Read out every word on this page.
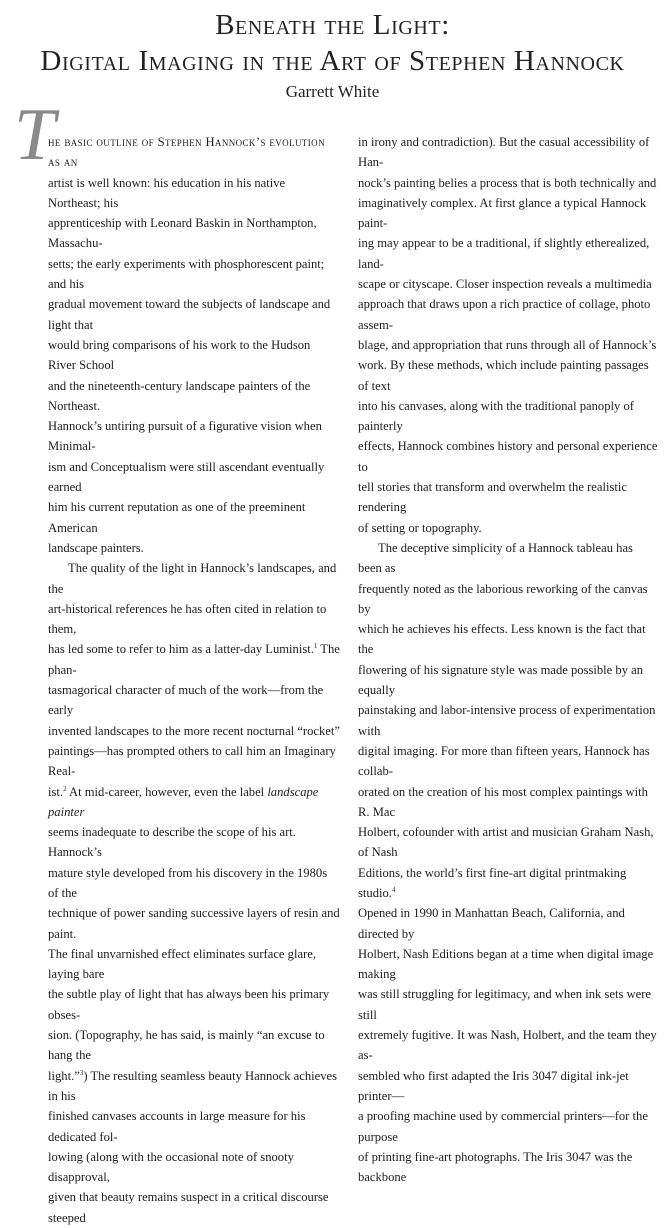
Beneath the Light:
Digital Imaging in the Art of Stephen Hannock
Garrett White
T

he basic outline of Stephen Hannock’s evolution as an
artist is well known: his education in his native Northeast; his
apprenticeship with Leonard Baskin in Northampton, Massachu-
setts; the early experiments with phosphorescent paint; and his
gradual movement toward the subjects of landscape and light that
would bring comparisons of his work to the Hudson River School
and the nineteenth-century landscape painters of the Northeast.
Hannock’s untiring pursuit of a figurative vision when Minimal-
ism and Conceptualism were still ascendant eventually earned
him his current reputation as one of the preeminent American
landscape painters.

The quality of the light in Hannock’s landscapes, and the
art-historical references he has often cited in relation to them,
has led some to refer to him as a latter-day Luminist.$^1$ The phan-
tasmagorical character of much of the work—from the early
invented landscapes to the more recent nocturnal “rocket”
paintings—has prompted others to call him an Imaginary Real-
ist.$^2$ At mid-career, however, even the label landscape painter
seems inadequate to describe the scope of his art. Hannock’s
mature style developed from his discovery in the 1980s of the
technique of power sanding successive layers of resin and paint.
The final unvarnished effect eliminates surface glare, laying bare
the subtle play of light that has always been his primary obses-
sion. (Topography, he has said, is mainly “an excuse to hang the
light.”$^3$) The resulting seamless beauty Hannock achieves in his
finished canvases accounts in large measure for his dedicated fol-
lowing (along with the occasional note of snooty disapproval,
given that beauty remains suspect in a critical discourse steeped

in irony and contradiction). But the casual accessibility of Han-
nock’s painting belies a process that is both technically and
imaginatively complex. At first glance a typical Hannock paint-
ing may appear to be a traditional, if slightly etherealized, land-
scape or cityscape. Closer inspection reveals a multimedia
approach that draws upon a rich practice of collage, photo assem-
blage, and appropriation that runs through all of Hannock’s
work. By these methods, which include painting passages of text
into his canvases, along with the traditional panoply of painterly
effects, Hannock combines history and personal experience to
tell stories that transform and overwhelm the realistic rendering
of setting or topography.

The deceptive simplicity of a Hannock tableau has been as
frequently noted as the laborious reworking of the canvas by
which he achieves his effects. Less known is the fact that the
flowering of his signature style was made possible by an equally
painstaking and labor-intensive process of experimentation with
digital imaging. For more than fifteen years, Hannock has collab-
orated on the creation of his most complex paintings with R. Mac
Holbert, cofounder with artist and musician Graham Nash, of Nash
Editions, the world’s first fine-art digital printmaking studio.$^4$
Opened in 1990 in Manhattan Beach, California, and directed by
Holbert, Nash Editions began at a time when digital image making
was still struggling for legitimacy, and when ink sets were still
extremely fugitive. It was Nash, Holbert, and the team they as-
sembled who first adapted the Iris 3047 digital ink-jet printer—
a proofing machine used by commercial printers—for the purpose
of printing fine-art photographs. The Iris 3047 was the backbone
